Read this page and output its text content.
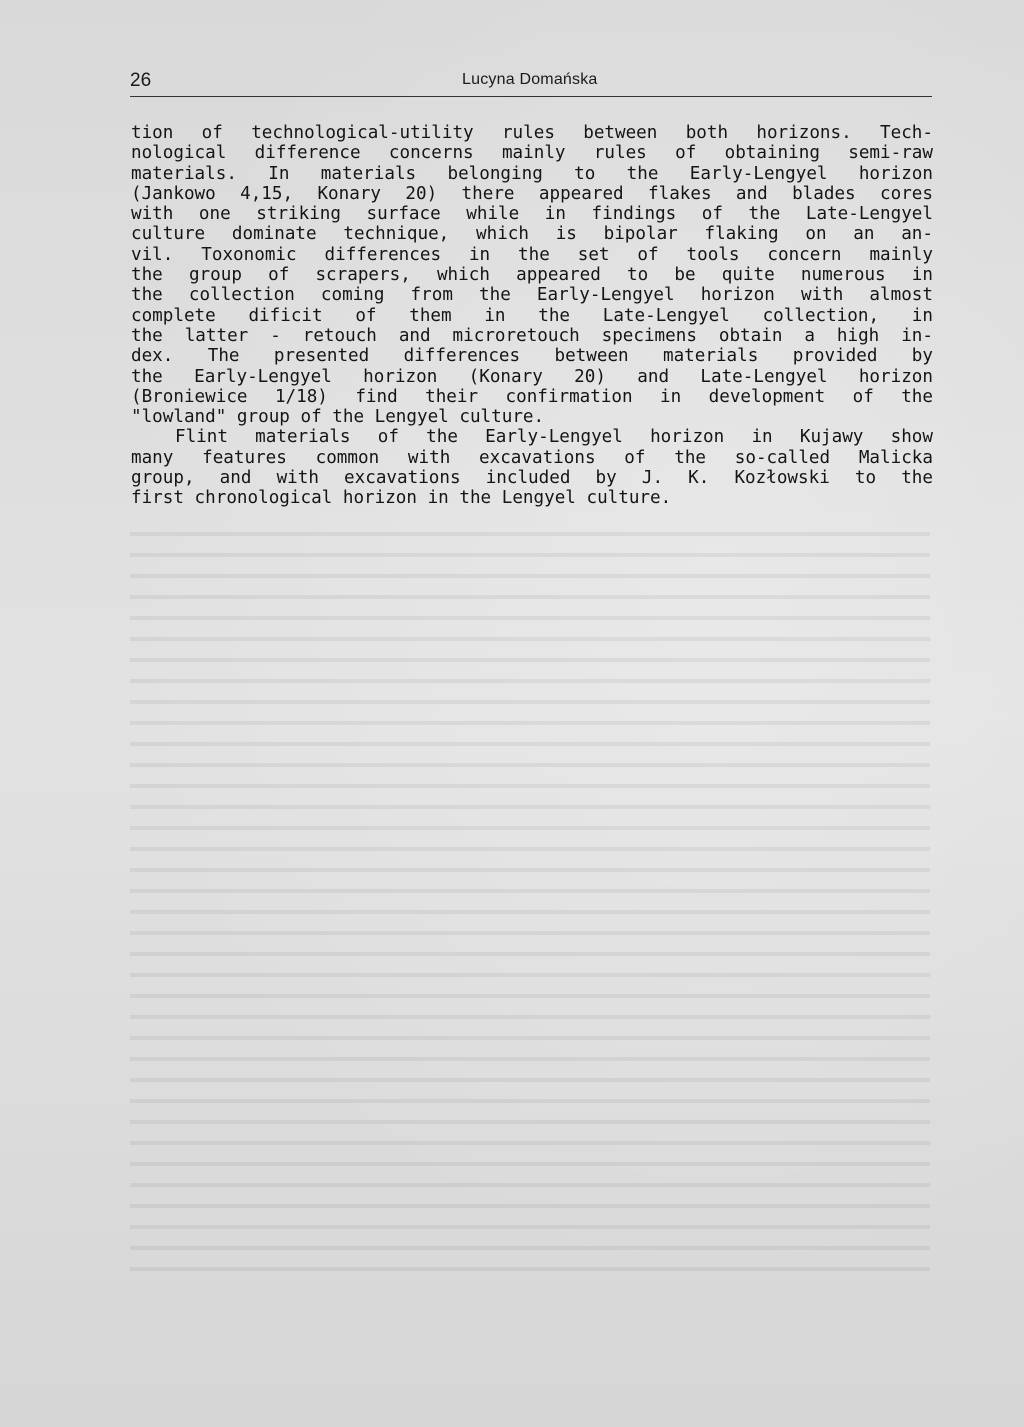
26	Lucyna Domańska
tion of technological-utility rules between both horizons. Tech-
nological difference concerns mainly rules of obtaining semi-raw
materials. In materials belonging to the Early-Lengyel horizon
(Jankowo 4,15, Konary 20) there appeared flakes and blades cores
with one striking surface while in findings of the Late-Lengyel
culture dominate technique, which is bipolar flaking on an an-
vil. Toxonomic differences in the set of tools concern mainly
the group of scrapers, which appeared to be quite numerous in
the collection coming from the Early-Lengyel horizon with almost
complete dificit of them in the Late-Lengyel collection, in
the latter - retouch and microretouch specimens obtain a high in-
dex. The presented differences between materials provided by
the Early-Lengyel horizon (Konary 20) and Late-Lengyel horizon
(Broniewice 1/18) find their confirmation in development of the
"lowland" group of the Lengyel culture.
Flint materials of the Early-Lengyel horizon in Kujawy show
many features common with excavations of the so-called Malicka
group, and with excavations included by J. K. Kozłowski to the
first chronological horizon in the Lengyel culture.
